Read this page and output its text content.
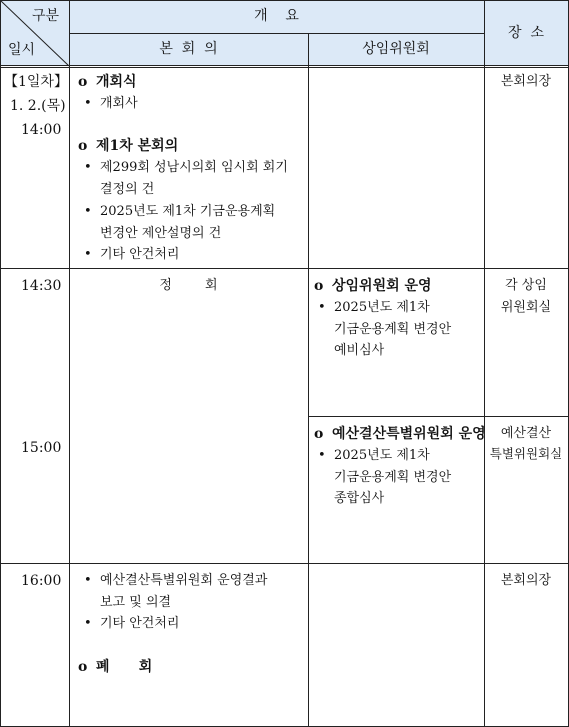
구분
일시
개    요
본  회  의	상임위원회
장  소
【1일차】
1. 2.(목)
14:00
o 개회식
• 개회사
o 제1차 본회의
• 제299회 성남시의회 임시회 회기
결정의 건
• 2025년도 제1차 기금운용계획
변경안 제안설명의 건
• 기타 안건처리
본회의장
14:30
15:00
정        회	o 상임위원회 운영
• 2025년도 제1차
기금운용계획 변경안
예비심사
각 상임
위원회실
o 예산결산특별위원회 운영
• 2025년도 제1차
기금운용계획 변경안
종합심사
예산결산
특별위원회실
16:00 • 예산결산특별위원회 운영결과
보고 및 의결
• 기타 안건처리
o 폐      회
본회의장
